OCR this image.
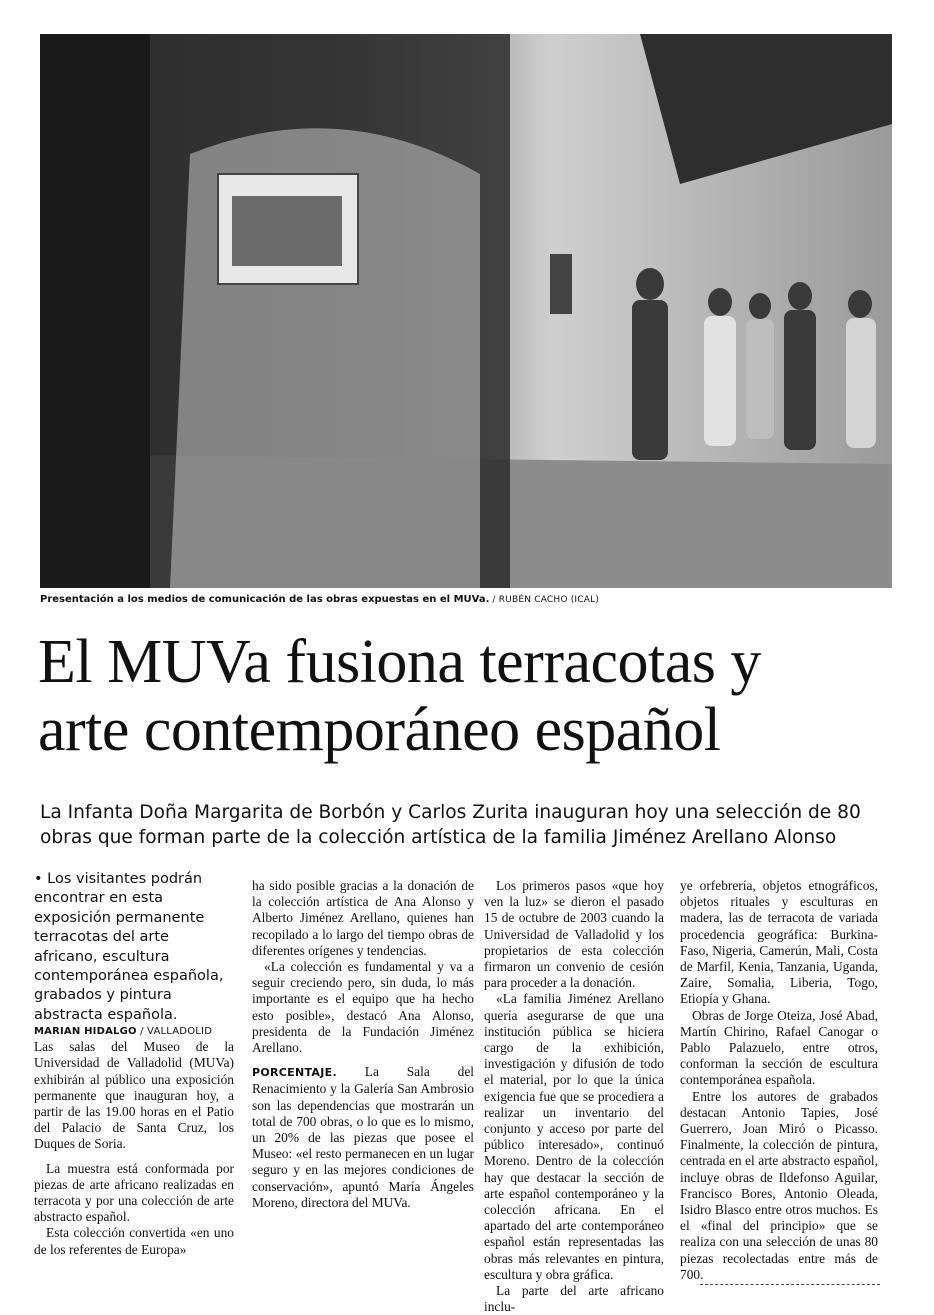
Presentación a los medios de comunicación de las obras expuestas en el MUVa. / RUBÉN CACHO (ICAL)
El MUVa fusiona terracotas y
arte contemporáneo español
La Infanta Doña Margarita de Borbón y Carlos Zurita inauguran hoy una selección de 80
obras que forman parte de la colección artística de la familia Jiménez Arellano Alonso

• Los visitantes podrán encontrar en esta exposición permanente terracotas del arte africano, escultura contemporánea española, grabados y pintura abstracta española.

MARIAN HIDALGO / VALLADOLID

Las salas del Museo de la Universidad de Valladolid (MUVa) exhibirán al público una exposición permanente que inauguran hoy, a partir de las 19.00 horas en el Patio del Palacio de Santa Cruz, los Duques de Soria.

La muestra está conformada por piezas de arte africano realizadas en terracota y por una colección de arte abstracto español.

Esta colección convertida «en uno de los referentes de Europa»

ha sido posible gracias a la donación de la colección artística de Ana Alonso y Alberto Jiménez Arellano, quienes han recopilado a lo largo del tiempo obras de diferentes orígenes y tendencias.

«La colección es fundamental y va a seguir creciendo pero, sin duda, lo más importante es el equipo que ha hecho esto posible», destacó Ana Alonso, presidenta de la Fundación Jiménez Arellano.

PORCENTAJE. La Sala del Renacimiento y la Galería San Ambrosio son las dependencias que mostrarán un total de 700 obras, o lo que es lo mismo, un 20% de las piezas que posee el Museo: «el resto permanecen en un lugar seguro y en las mejores condiciones de conservación», apuntó María Ángeles Moreno, directora del MUVa.

Los primeros pasos «que hoy ven la luz» se dieron el pasado 15 de octubre de 2003 cuando la Universidad de Valladolid y los propietarios de esta colección firmaron un convenio de cesión para proceder a la donación.

«La familia Jiménez Arellano quería asegurarse de que una institución pública se hiciera cargo de la exhibición, investigación y difusión de todo el material, por lo que la única exigencia fue que se procediera a realizar un inventario del conjunto y acceso por parte del público interesado», continuó Moreno. Dentro de la colección hay que destacar la sección de arte español contemporáneo y la colección africana. En el apartado del arte contemporáneo español están representadas las obras más relevantes en pintura, escultura y obra gráfica.

La parte del arte africano inclu-

ye orfebrería, objetos etnográficos, objetos rituales y esculturas en madera, las de terracota de variada procedencia geográfica: Burkina-Faso, Nigeria, Camerún, Mali, Costa de Marfil, Kenia, Tanzania, Uganda, Zaire, Somalia, Liberia, Togo, Etiopía y Ghana.

Obras de Jorge Oteiza, José Abad, Martín Chirino, Rafael Canogar o Pablo Palazuelo, entre otros, conforman la sección de escultura contemporánea española.

Entre los autores de grabados destacan Antonio Tapies, José Guerrero, Joan Miró o Picasso. Finalmente, la colección de pintura, centrada en el arte abstracto español, incluye obras de Ildefonso Aguilar, Francisco Bores, Antonio Oleada, Isidro Blasco entre otros muchos. Es el «final del principio» que se realiza con una selección de unas 80 piezas recolectadas entre más de 700.
